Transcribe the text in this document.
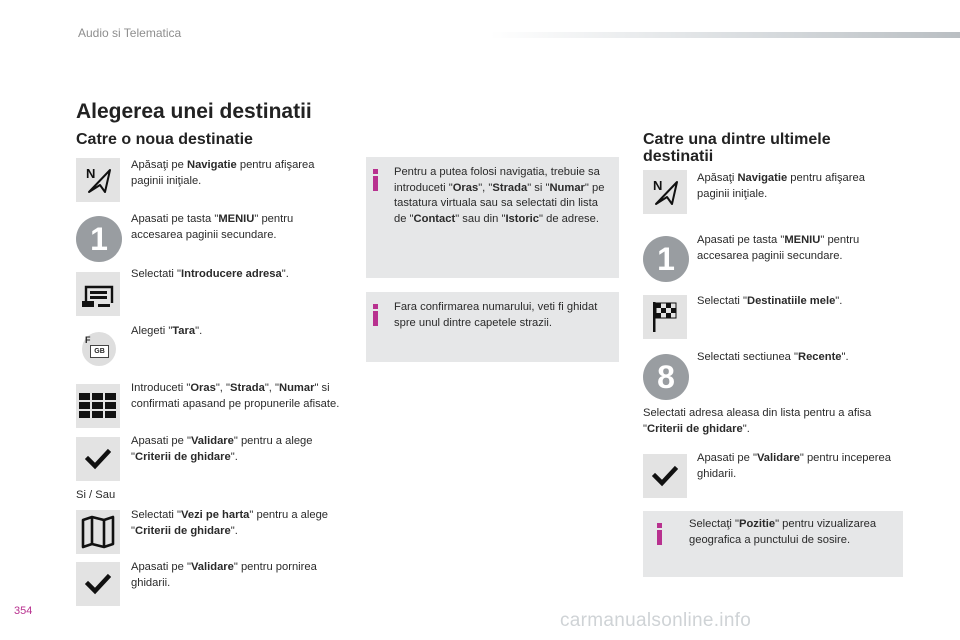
Audio si Telematica
Alegerea unei destinatii
Catre o noua destinatie
N
Apăsaţi pe Navigatie pentru afişarea paginii iniţiale.
1
Apasati pe tasta "MENIU" pentru accesarea paginii secundare.
Selectati "Introducere adresa".
F
GB
Alegeti "Tara".
Introduceti "Oras", "Strada", "Numar" si confirmati apasand pe propunerile afisate.
Apasati pe "Validare" pentru a alege "Criterii de ghidare".
Si / Sau
Selectati "Vezi pe harta" pentru a alege "Criterii de ghidare".
Apasati pe "Validare" pentru pornirea ghidarii.
Pentru a putea folosi navigatia, trebuie sa introduceti "Oras", "Strada" si "Numar" pe tastatura virtuala sau sa selectati din lista de "Contact" sau din "Istoric" de adrese.
Fara confirmarea numarului, veti fi ghidat spre unul dintre capetele strazii.
Catre una dintre ultimele destinatii
N	Apăsaţi Navigatie pentru afişarea paginii iniţiale.
1
Apasati pe tasta "MENIU" pentru accesarea paginii secundare.
Selectati "Destinatiile mele".
8
Selectati sectiunea "Recente".
Selectati adresa aleasa din lista pentru a afisa "Criterii de ghidare".
Apasati pe "Validare" pentru inceperea ghidarii.
Selectaţi "Pozitie" pentru vizualizarea geografica a punctului de sosire.
354	carmanualsonline.info
